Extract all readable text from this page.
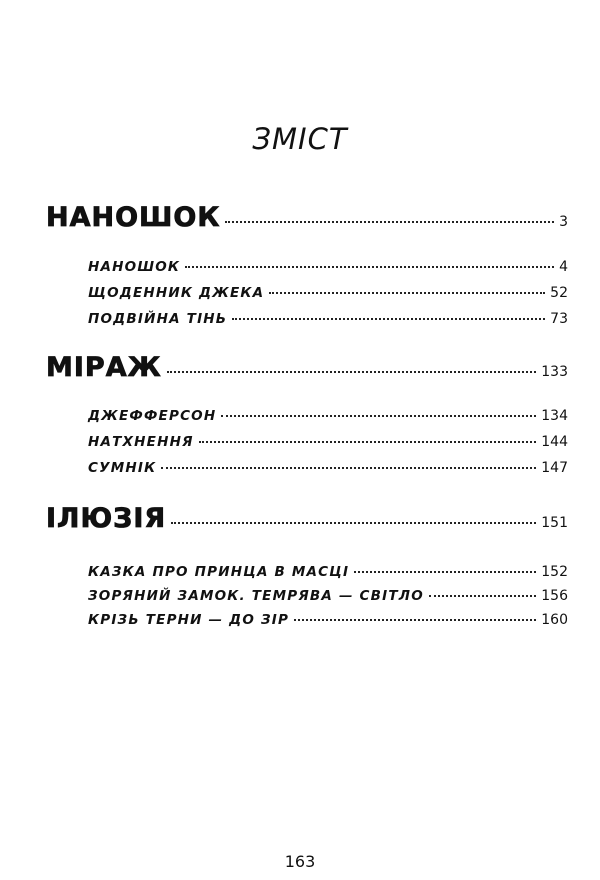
ЗМІСТ
НАНОШОК	3
НАНОШОК	4
ЩОДЕННИК ДЖЕКА	52
ПОДВІЙНА ТІНЬ	73
МІРАЖ	133
ДЖЕФФЕРСОН	134
НАТХНЕННЯ	144
СУМНІК	147
ІЛЮЗІЯ	151
КАЗКА ПРО ПРИНЦА В МАСЦІ	152
ЗОРЯНИЙ ЗАМОК. ТЕМРЯВА — СВІТЛО	156
КРІЗЬ ТЕРНИ — ДО ЗІР	160
163
